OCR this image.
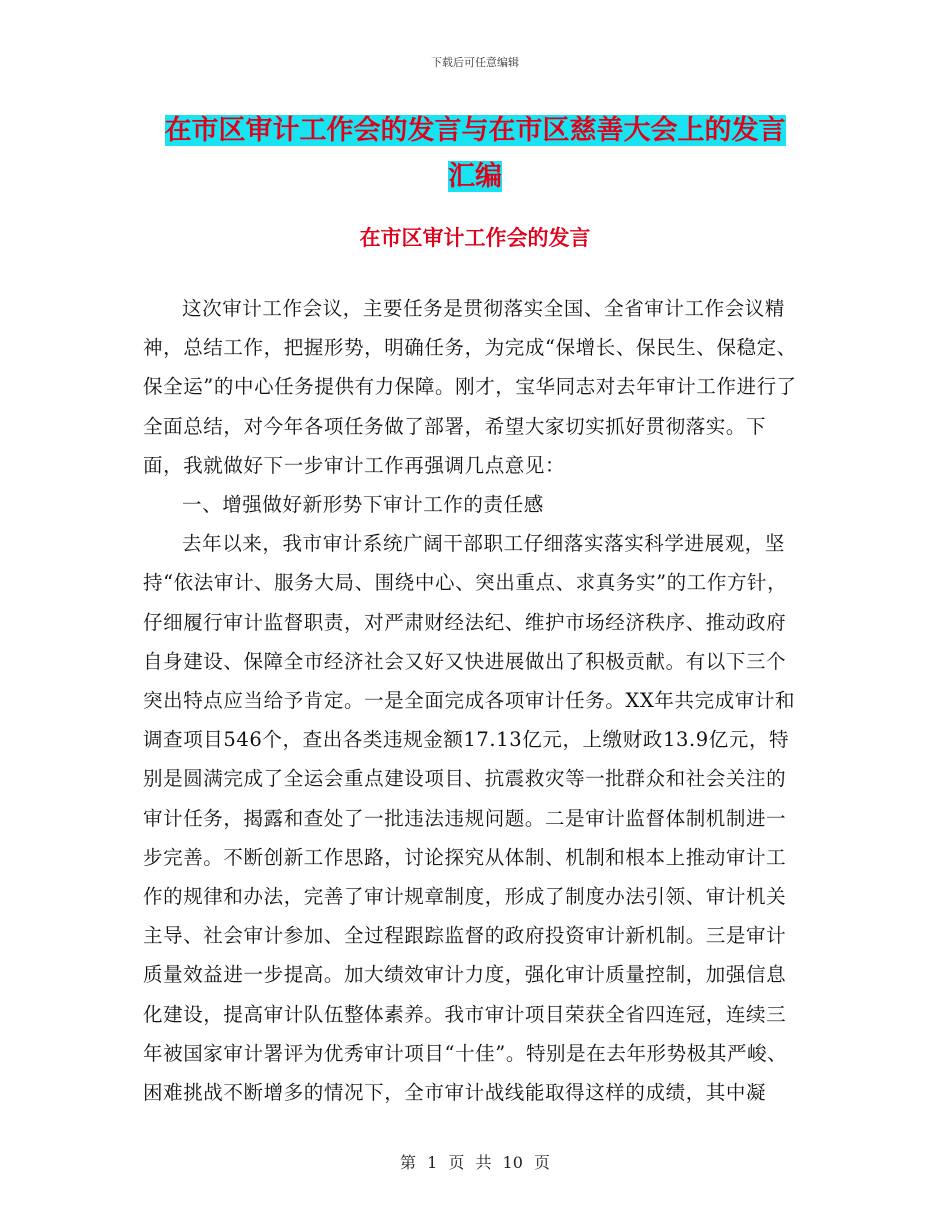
下载后可任意编辑
在市区审计工作会的发言与在市区慈善大会上的发言
汇编
在市区审计工作会的发言

这次审计工作会议，主要任务是贯彻落实全国、全省审计工作会议精神，总结工作，把握形势，明确任务，为完成“保增长、保民生、保稳定、保全运”的中心任务提供有力保障。刚才，宝华同志对去年审计工作进行了全面总结，对今年各项任务做了部署，希望大家切实抓好贯彻落实。下面，我就做好下一步审计工作再强调几点意见：

一、增强做好新形势下审计工作的责任感

去年以来，我市审计系统广阔干部职工仔细落实落实科学进展观，坚持“依法审计、服务大局、围绕中心、突出重点、求真务实”的工作方针，仔细履行审计监督职责，对严肃财经法纪、维护市场经济秩序、推动政府自身建设、保障全市经济社会又好又快进展做出了积极贡献。有以下三个突出特点应当给予肯定。一是全面完成各项审计任务。XX年共完成审计和调查项目546个，查出各类违规金额17.13亿元，上缴财政13.9亿元，特别是圆满完成了全运会重点建设项目、抗震救灾等一批群众和社会关注的审计任务，揭露和查处了一批违法违规问题。二是审计监督体制机制进一步完善。不断创新工作思路，讨论探究从体制、机制和根本上推动审计工作的规律和办法，完善了审计规章制度，形成了制度办法引领、审计机关主导、社会审计参加、全过程跟踪监督的政府投资审计新机制。三是审计质量效益进一步提高。加大绩效审计力度，强化审计质量控制，加强信息化建设，提高审计队伍整体素养。我市审计项目荣获全省四连冠，连续三年被国家审计署评为优秀审计项目“十佳”。特别是在去年形势极其严峻、困难挑战不断增多的情况下，全市审计战线能取得这样的成绩，其中凝

第 1 页 共 10 页
